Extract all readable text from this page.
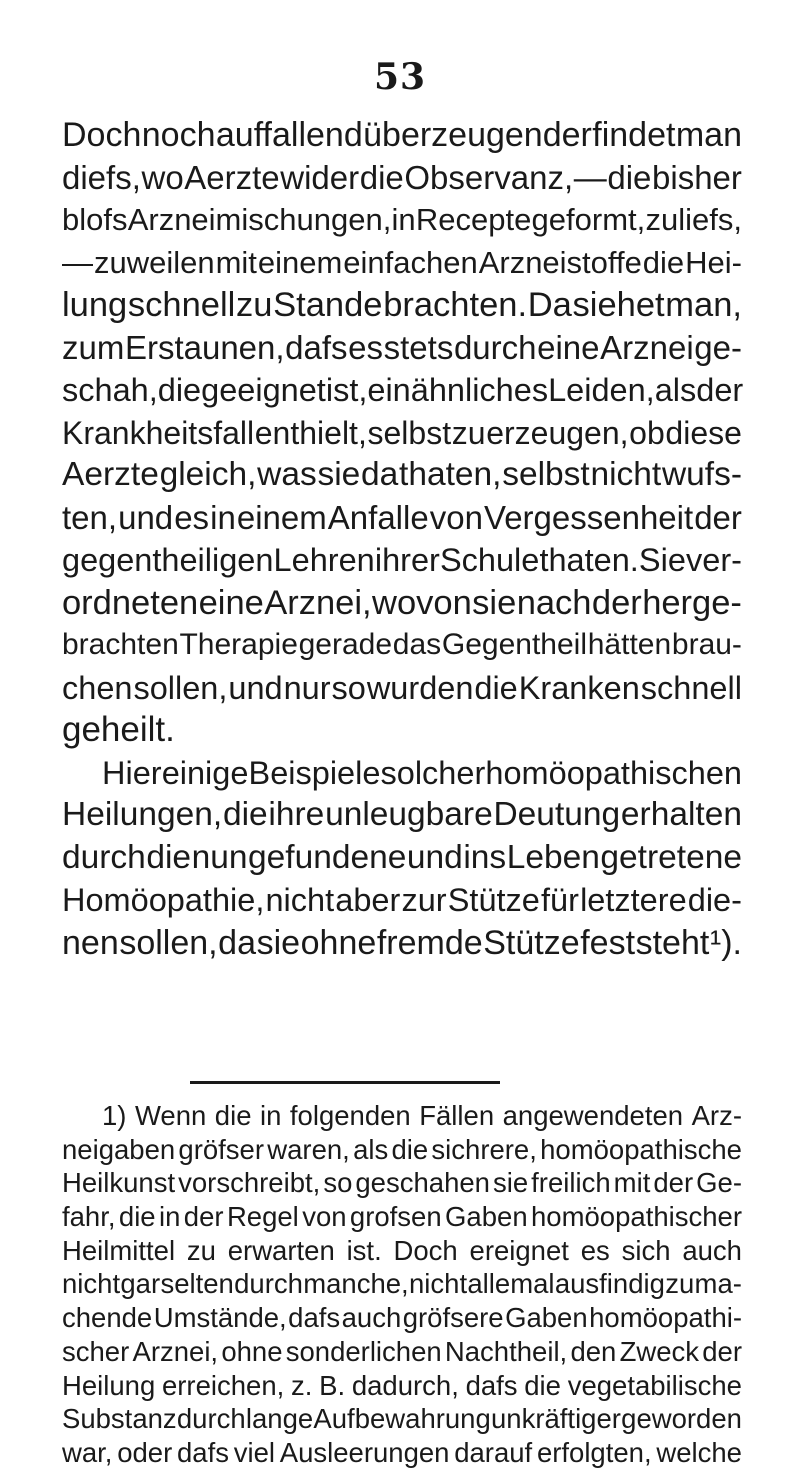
53
Doch noch auffallend überzeugender findet man
diefs, wo Aerzte wider die Observanz, — die bisher
blofs Arzneimischungen, in Recepte geformt, zuliefs,
— zuweilen mit einem einfachen Arzneistoffe die Hei-
lung schnell zu Stande brachten. Da siehet man,
zum Erstaunen, dafs es stets durch eine Arznei ge-
schah, die geeignet ist, ein ähnliches Leiden, als der
Krankheitsfall enthielt, selbst zu erzeugen, ob diese
Aerzte gleich, was sie da thaten, selbst nicht wufs-
ten, und es in einem Anfalle von Vergessenheit der
gegentheiligen Lehren ihrer Schule thaten. Sie ver-
ordneten eine Arznei, wovon sie nach der herge-
brachten Therapie gerade das Gegentheil hätten brau-
chen sollen, und nur so wurden die Kranken schnell
geheilt.
Hier einige Beispiele solcher homöopathischen
Heilungen, die ihre unleugbare Deutung erhalten
durch die nun gefundene und ins Leben getretene
Homöopathie, nicht aber zur Stütze für letztere die-
nen sollen, da sie ohne fremde Stütze fest steht ¹).
1) Wenn die in folgenden Fällen angewendeten Arz-
neigaben gröfser waren, als die sichrere, homöopathische
Heilkunst vorschreibt, so geschahen sie freilich mit der Ge-
fahr, die in der Regel von grofsen Gaben homöopathischer
Heilmittel zu erwarten ist. Doch ereignet es sich auch
nicht gar selten durch manche, nicht allemal ausfindig zu ma-
chende Umstände, dafs auch gröfsere Gaben homöopathi-
scher Arznei, ohne sonderlichen Nachtheil, den Zweck der
Heilung erreichen, z. B. dadurch, dafs die vegetabilische
Substanz durch lange Aufbewahrung unkräftiger geworden
war, oder dafs viel Ausleerungen darauf erfolgten, welche
